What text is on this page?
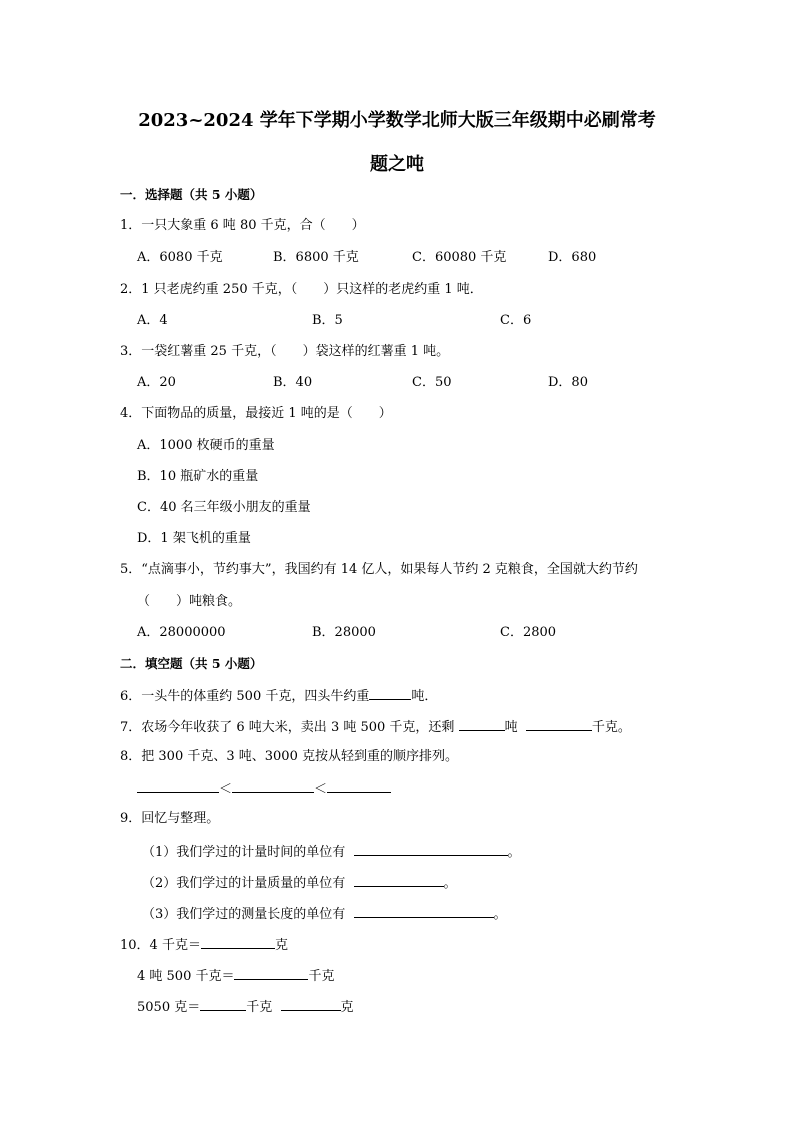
2023~2024 学年下学期小学数学北师大版三年级期中必刷常考
题之吨
一．选择题（共 5 小题）
1．一只大象重 6 吨 80 千克，合（　　）
A．6080 千克	B．6800 千克	C．60080 千克	D．680
2．1 只老虎约重 250 千克，（　　）只这样的老虎约重 1 吨．
A．4	B．5	C．6
3．一袋红薯重 25 千克，（　　）袋这样的红薯重 1 吨。
A．20	B．40	C．50	D．80
4．下面物品的质量，最接近 1 吨的是（　　）
A．1000 枚硬币的重量
B．10 瓶矿水的重量
C．40 名三年级小朋友的重量
D．1 架飞机的重量
5．“点滴事小，节约事大”，我国约有 14 亿人，如果每人节约 2 克粮食，全国就大约节约
（　　）吨粮食。
A．28000000	B．28000	C．2800
二．填空题（共 5 小题）
6．一头牛的体重约 500 千克，四头牛约重	吨．
7．农场今年收获了 6 吨大米，卖出 3 吨 500 千克，还剩	吨	千克。
8．把 300 千克、3 吨、3000 克按从轻到重的顺序排列。
＜	＜
9．回忆与整理。
（1）我们学过的计量时间的单位有	。
（2）我们学过的计量质量的单位有	。
（3）我们学过的测量长度的单位有	。
10．4 千克＝	克
4 吨 500 千克＝	千克
5050 克＝	千克	克
